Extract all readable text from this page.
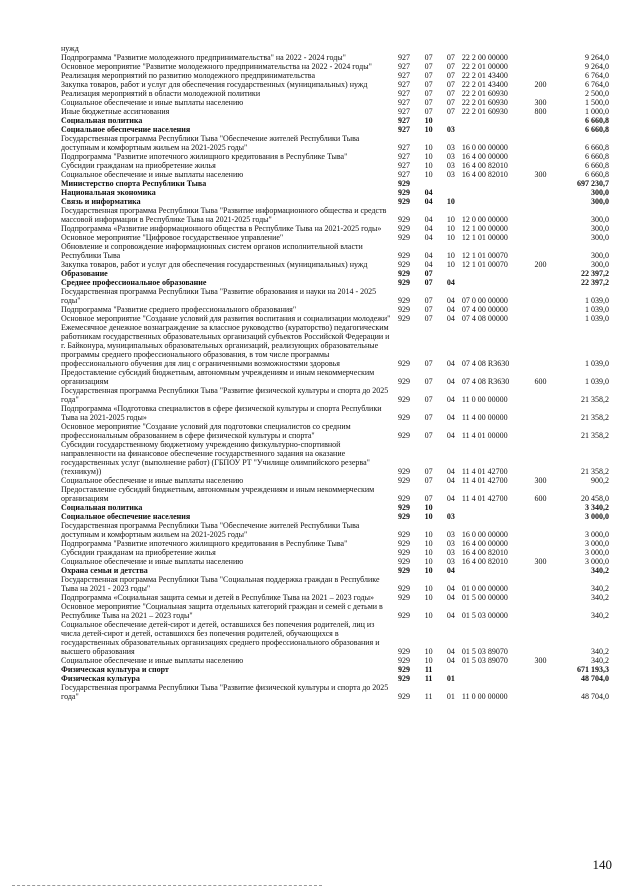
нужд						
Подпрограмма "Развитие молодежного предпринимательства" на 2022 - 2024 годы"	927	07	07	22 2 00 00000		9 264,0
Основное мероприятие "Развитие молодежного предпринимательства на 2022 - 2024 годы"	927	07	07	22 2 01 00000		9 264,0
Реализация мероприятий по развитию молодежного предпринимательства	927	07	07	22 2 01 43400		6 764,0
Закупка товаров, работ и услуг для обеспечения государственных (муниципальных) нужд	927	07	07	22 2 01 43400	200	6 764,0
Реализация мероприятий в области молодежной политики	927	07	07	22 2 01 60930		2 500,0
Социальное обеспечение и иные выплаты населению	927	07	07	22 2 01 60930	300	1 500,0
Иные бюджетные ассигнования	927	07	07	22 2 01 60930	800	1 000,0
Социальная политика	927	10				6 660,8
Социальное обеспечение населения	927	10	03			6 660,8
Государственная программа Республики Тыва "Обеспечение жителей Республики Тыва доступным и комфортным жильем на 2021-2025 годы"	927	10	03	16 0 00 00000		6 660,8
Подпрограмма "Развитие ипотечного жилищного кредитования в Республике Тыва"	927	10	03	16 4 00 00000		6 660,8
Субсидии гражданам на приобретение жилья	927	10	03	16 4 00 82010		6 660,8
Социальное обеспечение и иные выплаты населению	927	10	03	16 4 00 82010	300	6 660,8
Министерство спорта Республики Тыва	929					697 230,7
Национальная экономика	929	04				300,0
Связь и информатика	929	04	10			300,0
Государственная программа Республики Тыва "Развитие информационного общества и средств массовой информации в Республике Тыва на 2021-2025 годы"	929	04	10	12 0 00 00000		300,0
Подпрограмма «Развитие информационного общества в Республике Тыва на 2021-2025 годы»	929	04	10	12 1 00 00000		300,0
Основное мероприятие "Цифровое государственное управление"	929	04	10	12 1 01 00000		300,0
Обновление и сопровождение информационных систем органов исполнительной власти Республики Тыва	929	04	10	12 1 01 00070		300,0
Закупка товаров, работ и услуг для обеспечения государственных (муниципальных) нужд	929	04	10	12 1 01 00070	200	300,0
Образование	929	07				22 397,2
Среднее профессиональное образование	929	07	04			22 397,2
Государственная программа Республики Тыва "Развитие образования и науки на 2014 - 2025 годы"	929	07	04	07 0 00 00000		1 039,0
Подпрограмма "Развитие среднего профессионального образования"	929	07	04	07 4 00 00000		1 039,0
Основное мероприятие "Создание условий для развития воспитания и социализации молодежи"	929	07	04	07 4 08 00000		1 039,0
Ежемесячное денежное вознаграждение за классное руководство (кураторство) педагогическим работникам государственных образовательных организаций субъектов Российской Федерации и г. Байконура, муниципальных образовательных организаций, реализующих образовательные программы среднего профессионального образования, в том числе программы профессионального обучения для лиц с ограниченными возможностями здоровья	929	07	04	07 4 08 R3630		1 039,0
Предоставление субсидий бюджетным, автономным учреждениям и иным некоммерческим организациям	929	07	04	07 4 08 R3630	600	1 039,0
Государственная программа Республики Тыва "Развитие физической культуры и спорта до 2025 года"	929	07	04	11 0 00 00000		21 358,2
Подпрограмма «Подготовка специалистов в сфере физической культуры и спорта Республики Тыва на 2021-2025 годы»	929	07	04	11 4 00 00000		21 358,2
Основное мероприятие "Создание условий для подготовки специалистов со средним профессиональным образованием в сфере физической культуры и спорта"	929	07	04	11 4 01 00000		21 358,2
Субсидии государственному бюджетному учреждению физкультурно-спортивной направленности на финансовое обеспечение государственного задания на оказание государственных услуг (выполнение работ) (ГБПОУ РТ "Училище олимпийского резерва" (техникум))	929	07	04	11 4 01 42700		21 358,2
Социальное обеспечение и иные выплаты населению	929	07	04	11 4 01 42700	300	900,2
Предоставление субсидий бюджетным, автономным учреждениям и иным некоммерческим организациям	929	07	04	11 4 01 42700	600	20 458,0
Социальная политика	929	10				3 340,2
Социальное обеспечение населения	929	10	03			3 000,0
Государственная программа Республики Тыва "Обеспечение жителей Республики Тыва доступным и комфортным жильем на 2021-2025 годы"	929	10	03	16 0 00 00000		3 000,0
Подпрограмма "Развитие ипотечного жилищного кредитования в Республике Тыва"	929	10	03	16 4 00 00000		3 000,0
Субсидии гражданам на приобретение жилья	929	10	03	16 4 00 82010		3 000,0
Социальное обеспечение и иные выплаты населению	929	10	03	16 4 00 82010	300	3 000,0
Охрана семьи и детства	929	10	04			340,2
Государственная программа Республики Тыва "Социальная поддержка граждан в Республике Тыва на 2021 - 2023 годы"	929	10	04	01 0 00 00000		340,2
Подпрограмма «Социальная защита семьи и детей в Республике Тыва на 2021 – 2023 годы»	929	10	04	01 5 00 00000		340,2
Основное мероприятие "Социальная защита отдельных категорий граждан и семей с детьми в Республике Тыва на 2021 – 2023 годы"	929	10	04	01 5 03 00000		340,2
Социальное обеспечение детей-сирот и детей, оставшихся без попечения родителей, лиц из числа детей-сирот и детей, оставшихся без попечения родителей, обучающихся в государственных образовательных организациях среднего профессионального образования и высшего образования	929	10	04	01 5 03 89070		340,2
Социальное обеспечение и иные выплаты населению	929	10	04	01 5 03 89070	300	340,2
Физическая культура и спорт	929	11				671 193,3
Физическая культура	929	11	01			48 704,0
Государственная программа Республики Тыва "Развитие физической культуры и спорта до 2025 года"	929	11	01	11 0 00 00000		48 704,0
140
